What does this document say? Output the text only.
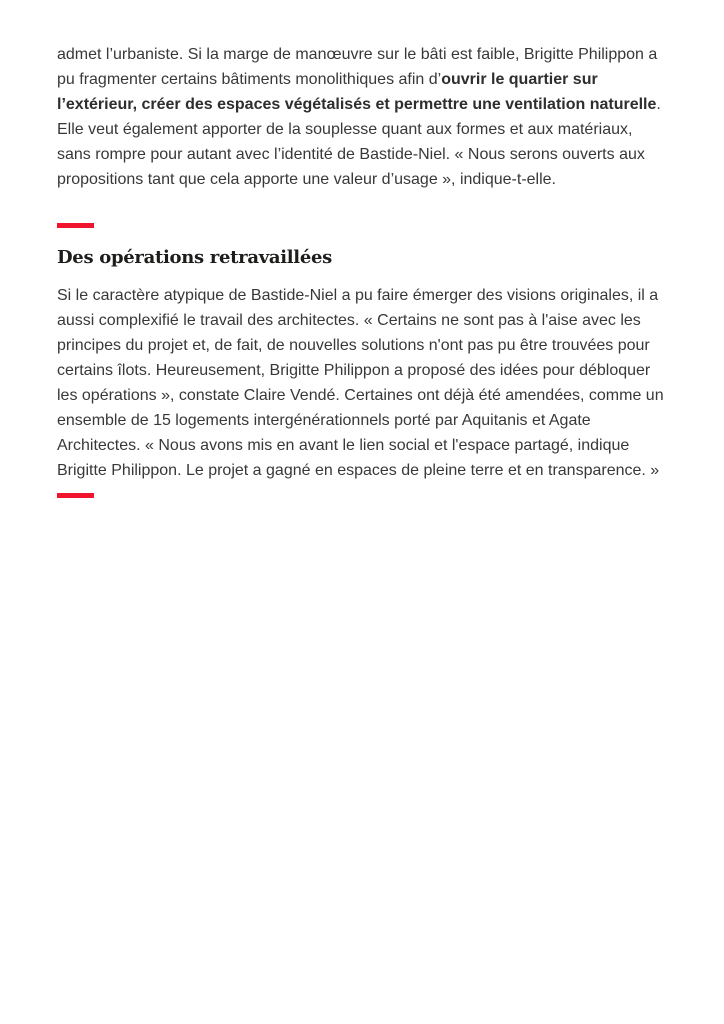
admet l’urbaniste. Si la marge de manœuvre sur le bâti est faible, Brigitte Philippon a pu fragmenter certains bâtiments monolithiques afin d’ouvrir le quartier sur l’extérieur, créer des espaces végétalisés et permettre une ventilation naturelle. Elle veut également apporter de la souplesse quant aux formes et aux matériaux, sans rompre pour autant avec l’identité de Bastide-Niel. « Nous serons ouverts aux propositions tant que cela apporte une valeur d’usage », indique-t-elle.

Des opérations retravaillées

Si le caractère atypique de Bastide-Niel a pu faire émerger des visions originales, il a aussi complexifié le travail des architectes. « Certains ne sont pas à l'aise avec les principes du projet et, de fait, de nouvelles solutions n'ont pas pu être trouvées pour certains îlots. Heureusement, Brigitte Philippon a proposé des idées pour débloquer les opérations », constate Claire Vendé. Certaines ont déjà été amendées, comme un ensemble de 15 logements intergénérationnels porté par Aquitanis et Agate Architectes. « Nous avons mis en avant le lien social et l'espace partagé, indique Brigitte Philippon. Le projet a gagné en espaces de pleine terre et en transparence. »
